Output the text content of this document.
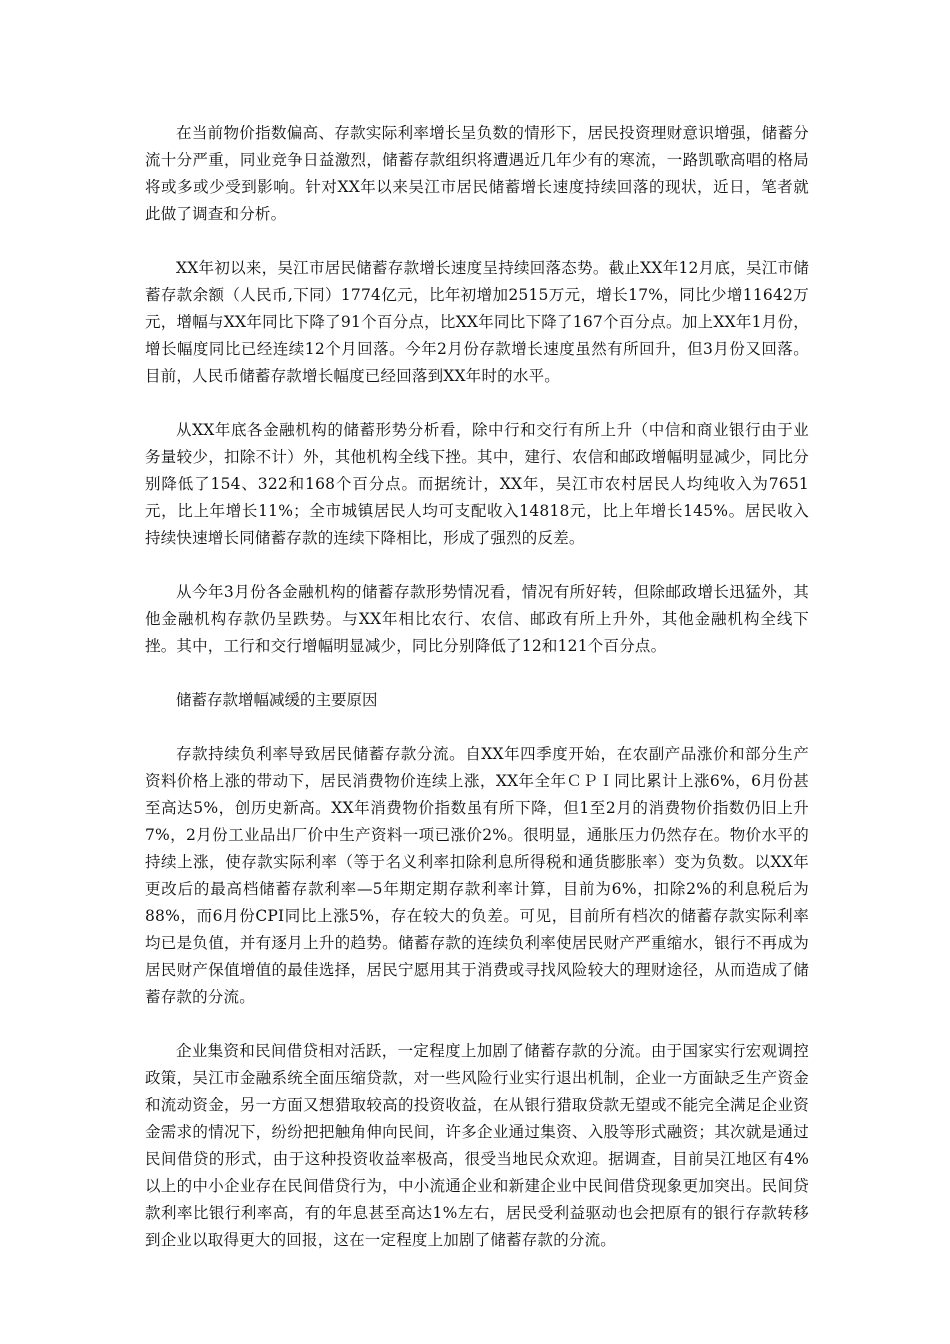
在当前物价指数偏高、存款实际利率增长呈负数的情形下，居民投资理财意识增强，储蓄分流十分严重，同业竞争日益激烈，储蓄存款组织将遭遇近几年少有的寒流，一路凯歌高唱的格局将或多或少受到影响。针对XX年以来吴江市居民储蓄增长速度持续回落的现状，近日，笔者就此做了调查和分析。

XX年初以来，吴江市居民储蓄存款增长速度呈持续回落态势。截止XX年12月底，吴江市储蓄存款余额（人民币,下同）1774亿元，比年初增加2515万元，增长17%，同比少增11642万元，增幅与XX年同比下降了91个百分点，比XX年同比下降了167个百分点。加上XX年1月份，增长幅度同比已经连续12个月回落。今年2月份存款增长速度虽然有所回升，但3月份又回落。目前，人民币储蓄存款增长幅度已经回落到XX年时的水平。

从XX年底各金融机构的储蓄形势分析看，除中行和交行有所上升（中信和商业银行由于业务量较少，扣除不计）外，其他机构全线下挫。其中，建行、农信和邮政增幅明显减少，同比分别降低了154、322和168个百分点。而据统计，XX年，吴江市农村居民人均纯收入为7651元，比上年增长11%；全市城镇居民人均可支配收入14818元，比上年增长145%。居民收入持续快速增长同储蓄存款的连续下降相比，形成了强烈的反差。

从今年3月份各金融机构的储蓄存款形势情况看，情况有所好转，但除邮政增长迅猛外，其他金融机构存款仍呈跌势。与XX年相比农行、农信、邮政有所上升外，其他金融机构全线下挫。其中，工行和交行增幅明显减少，同比分别降低了12和121个百分点。

储蓄存款增幅减缓的主要原因

存款持续负利率导致居民储蓄存款分流。自XX年四季度开始，在农副产品涨价和部分生产资料价格上涨的带动下，居民消费物价连续上涨，XX年全年ＣＰＩ同比累计上涨6%，6月份甚至高达5%，创历史新高。XX年消费物价指数虽有所下降，但1至2月的消费物价指数仍旧上升7%，2月份工业品出厂价中生产资料一项已涨价2%。很明显，通胀压力仍然存在。物价水平的持续上涨，使存款实际利率（等于名义利率扣除利息所得税和通货膨胀率）变为负数。以XX年更改后的最高档储蓄存款利率—5年期定期存款利率计算，目前为6%，扣除2%的利息税后为88%，而6月份CPI同比上涨5%，存在较大的负差。可见，目前所有档次的储蓄存款实际利率均已是负值，并有逐月上升的趋势。储蓄存款的连续负利率使居民财产严重缩水，银行不再成为居民财产保值增值的最佳选择，居民宁愿用其于消费或寻找风险较大的理财途径，从而造成了储蓄存款的分流。

企业集资和民间借贷相对活跃，一定程度上加剧了储蓄存款的分流。由于国家实行宏观调控政策，吴江市金融系统全面压缩贷款，对一些风险行业实行退出机制，企业一方面缺乏生产资金和流动资金，另一方面又想猎取较高的投资收益，在从银行猎取贷款无望或不能完全满足企业资金需求的情况下，纷纷把把触角伸向民间，许多企业通过集资、入股等形式融资；其次就是通过民间借贷的形式，由于这种投资收益率极高，很受当地民众欢迎。据调查，目前吴江地区有4%以上的中小企业存在民间借贷行为，中小流通企业和新建企业中民间借贷现象更加突出。民间贷款利率比银行利率高，有的年息甚至高达1%左右，居民受利益驱动也会把原有的银行存款转移到企业以取得更大的回报，这在一定程度上加剧了储蓄存款的分流。
